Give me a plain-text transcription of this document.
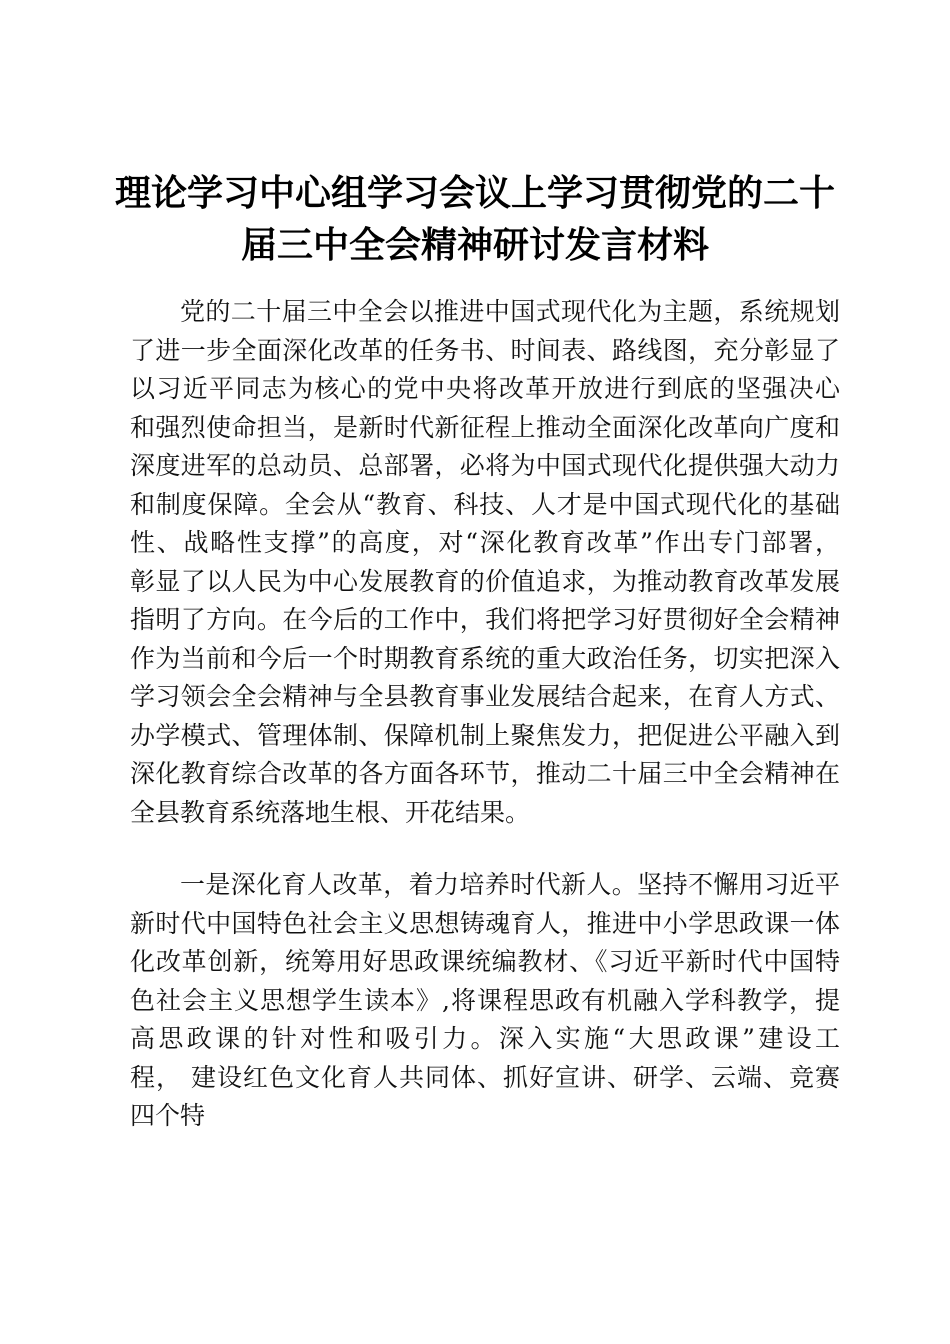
理论学习中心组学习会议上学习贯彻党的二十
届三中全会精神研讨发言材料

党的二十届三中全会以推进中国式现代化为主题，系统规划
了进一步全面深化改革的任务书、时间表、路线图，充分彰显了
以习近平同志为核心的党中央将改革开放进行到底的坚强决心
和强烈使命担当，是新时代新征程上推动全面深化改革向广度和
深度进军的总动员、总部署，必将为中国式现代化提供强大动力
和制度保障。全会从“教育、科技、人才是中国式现代化的基础
性、战略性支撑”的高度，对“深化教育改革”作出专门部署，
彰显了以人民为中心发展教育的价值追求，为推动教育改革发展
指明了方向。在今后的工作中，我们将把学习好贯彻好全会精神
作为当前和今后一个时期教育系统的重大政治任务，切实把深入
学习领会全会精神与全县教育事业发展结合起来，在育人方式、
办学模式、管理体制、保障机制上聚焦发力，把促进公平融入到
深化教育综合改革的各方面各环节，推动二十届三中全会精神在
全县教育系统落地生根、开花结果。

一是深化育人改革，着力培养时代新人。坚持不懈用习近平
新时代中国特色社会主义思想铸魂育人，推进中小学思政课一体
化改革创新，统筹用好思政课统编教材、《习近平新时代中国特
色社会主义思想学生读本》,将课程思政有机融入学科教学，提
高思政课的针对性和吸引力。深入实施“大思政课”建设工
程， 建设红色文化育人共同体、抓好宣讲、研学、云端、竞赛
四个特
